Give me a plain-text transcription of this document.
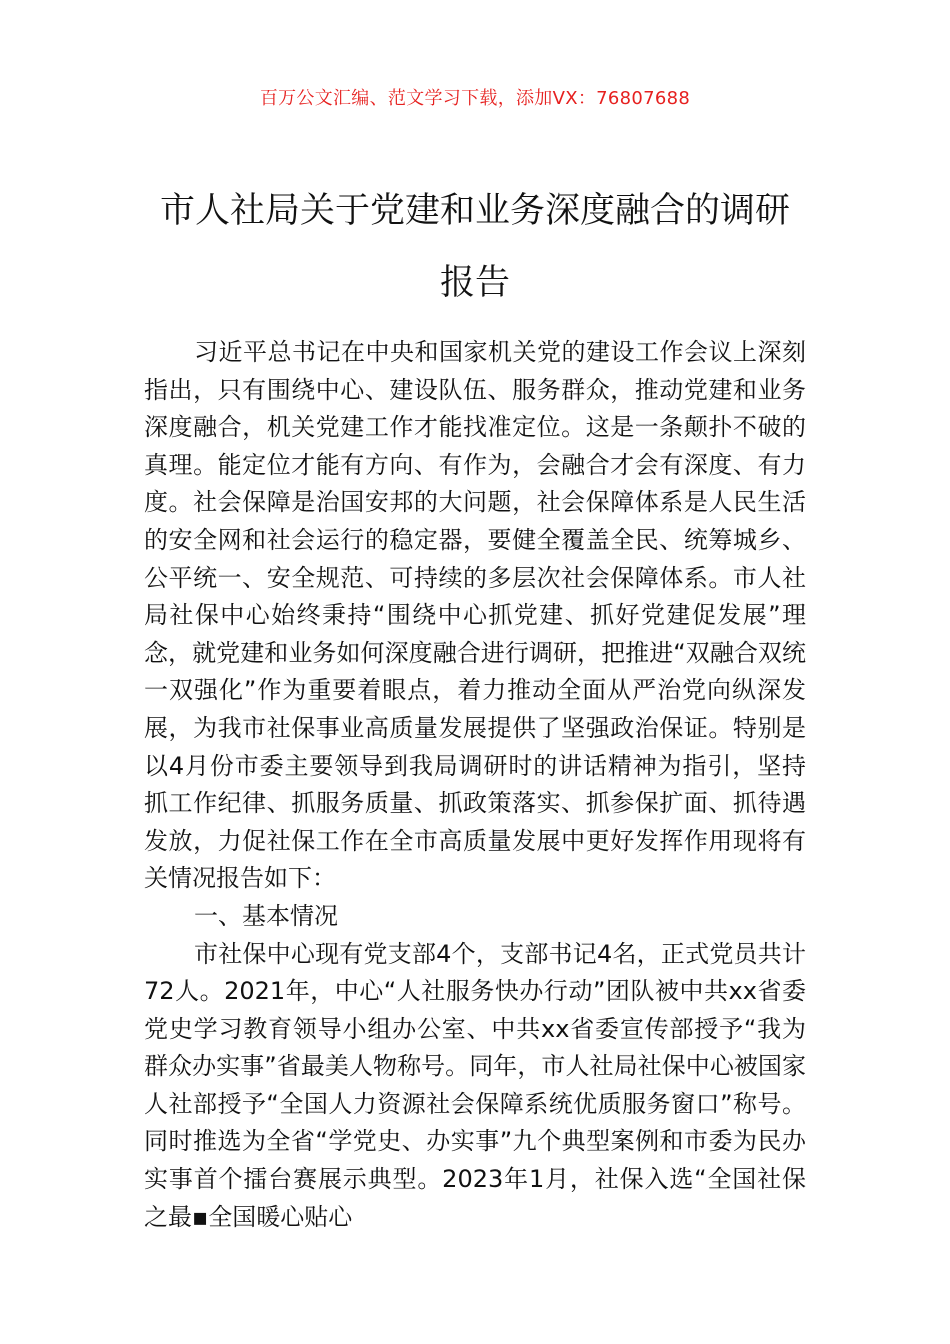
百万公文汇编、范文学习下载，添加VX：76807688
市人社局关于党建和业务深度融合的调研
报告

习近平总书记在中央和国家机关党的建设工作会议上深刻指出，只有围绕中心、建设队伍、服务群众，推动党建和业务深度融合，机关党建工作才能找准定位。这是一条颠扑不破的真理。能定位才能有方向、有作为，会融合才会有深度、有力度。社会保障是治国安邦的大问题，社会保障体系是人民生活的安全网和社会运行的稳定器，要健全覆盖全民、统筹城乡、公平统一、安全规范、可持续的多层次社会保障体系。市人社局社保中心始终秉持“围绕中心抓党建、抓好党建促发展”理念，就党建和业务如何深度融合进行调研，把推进“双融合双统一双强化”作为重要着眼点，着力推动全面从严治党向纵深发展，为我市社保事业高质量发展提供了坚强政治保证。特别是以4月份市委主要领导到我局调研时的讲话精神为指引，坚持抓工作纪律、抓服务质量、抓政策落实、抓参保扩面、抓待遇发放，力促社保工作在全市高质量发展中更好发挥作用现将有关情况报告如下：

一、基本情况

市社保中心现有党支部4个，支部书记4名，正式党员共计72人。2021年，中心“人社服务快办行动”团队被中共xx省委党史学习教育领导小组办公室、中共xx省委宣传部授予“我为群众办实事”省最美人物称号。同年，市人社局社保中心被国家人社部授予“全国人力资源社会保障系统优质服务窗口”称号。同时推选为全省“学党史、办实事”九个典型案例和市委为民办实事首个擂台赛展示典型。2023年1月，社保入选“全国社保之最▪全国暖心贴心
